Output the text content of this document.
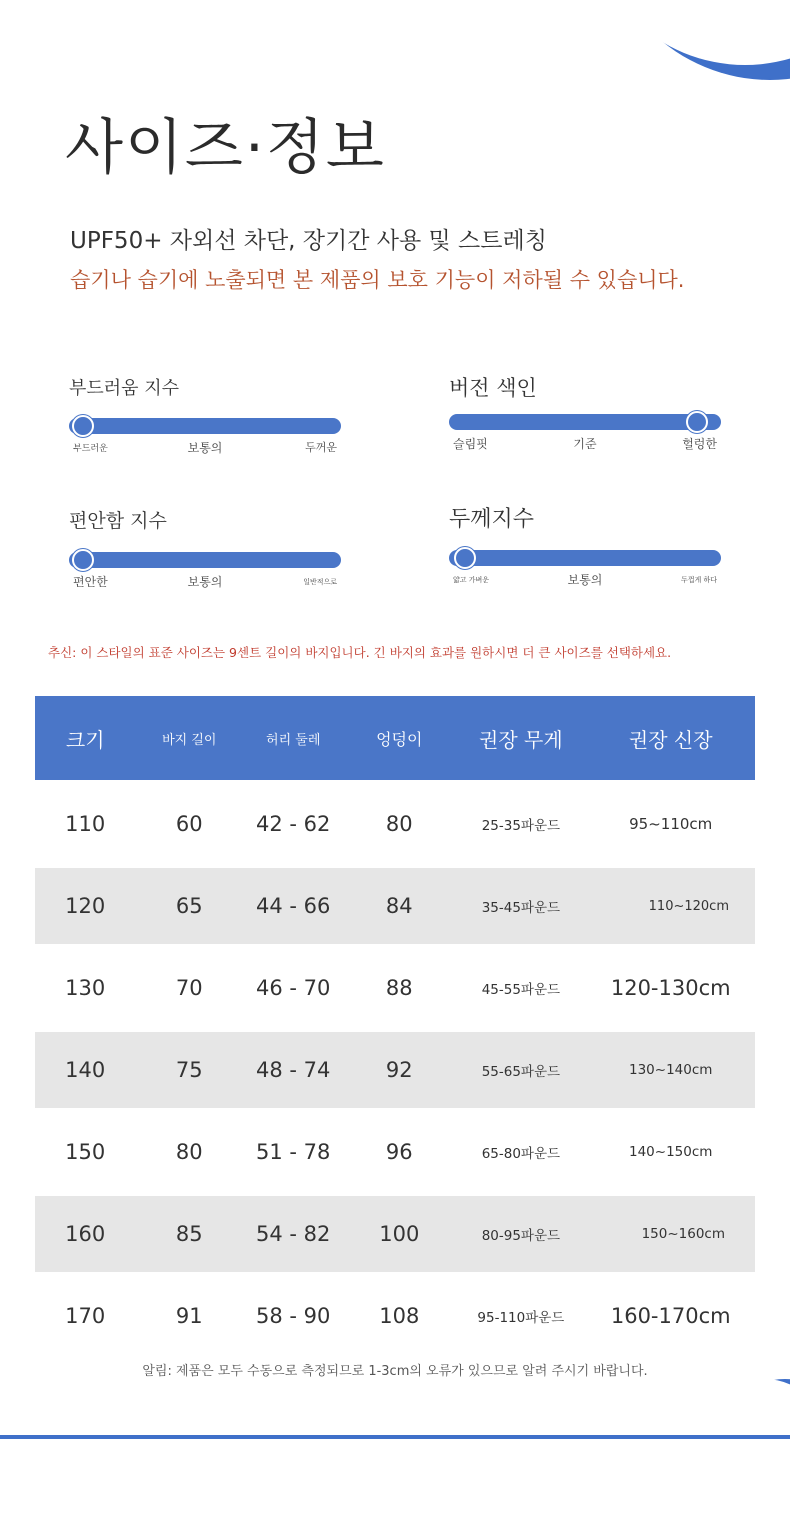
사이즈·정보
UPF50+ 자외선 차단, 장기간 사용 및 스트레칭
습기나 습기에 노출되면 본 제품의 보호 기능이 저하될 수 있습니다.
부드러움 지수
부드러운	보통의	두꺼운
버전 색인
슬림핏	기준	헐렁한
편안함 지수
편안한	보통의	일반적으로
두께지수
얇고 가벼운	보통의	두껍게 하다
추신: 이 스타일의 표준 사이즈는 9센트 길이의 바지입니다. 긴 바지의 효과를 원하시면 더 큰 사이즈를 선택하세요.
크기	바지 길이	허리 둘레	엉덩이	권장 무게	권장 신장
110	60	42 - 62	80	25-35파운드	95~110cm
120	65	44 - 66	84	35-45파운드	110~120cm
130	70	46 - 70	88	45-55파운드	120-130cm
140	75	48 - 74	92	55-65파운드	130~140cm
150	80	51 - 78	96	65-80파운드	140~150cm
160	85	54 - 82	100	80-95파운드	150~160cm
170	91	58 - 90	108	95-110파운드	160-170cm
알림: 제품은 모두 수동으로 측정되므로 1-3cm의 오류가 있으므로 알려 주시기 바랍니다.
